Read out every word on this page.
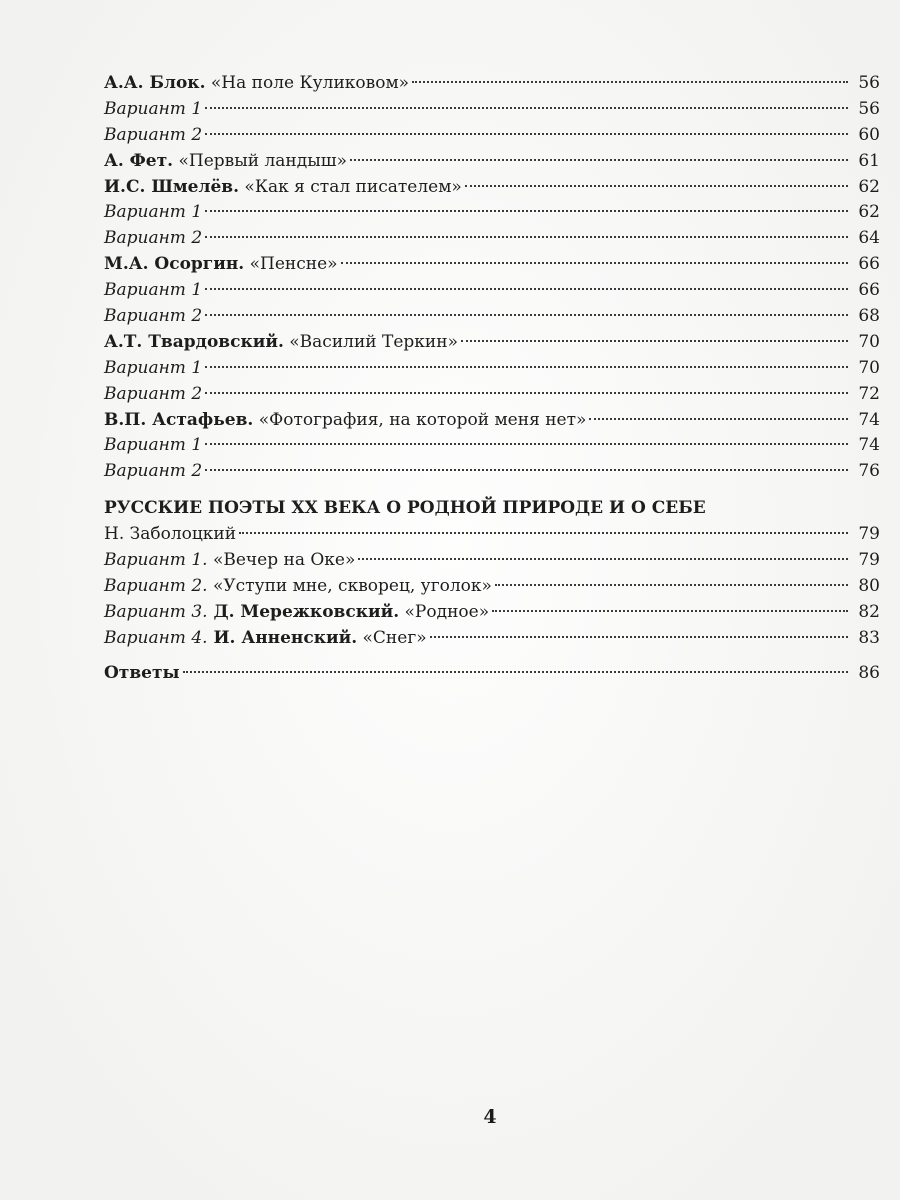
А.А. Блок. «На поле Куликовом»	56
Вариант 1	56
Вариант 2	60
А. Фет. «Первый ландыш»	61
И.С. Шмелёв. «Как я стал писателем»	62
Вариант 1	62
Вариант 2	64
М.А. Осоргин. «Пенсне»	66
Вариант 1	66
Вариант 2	68
А.Т. Твардовский. «Василий Теркин»	70
Вариант 1	70
Вариант 2	72
В.П. Астафьев. «Фотография, на которой меня нет»	74
Вариант 1	74
Вариант 2	76
РУССКИЕ ПОЭТЫ XX ВЕКА О РОДНОЙ ПРИРОДЕ И О СЕБЕ
Н. Заболоцкий	79
Вариант 1. «Вечер на Оке»	79
Вариант 2. «Уступи мне, скворец, уголок»	80
Вариант 3. Д. Мережковский. «Родное»	82
Вариант 4. И. Анненский. «Снег»	83
Ответы	86
4
